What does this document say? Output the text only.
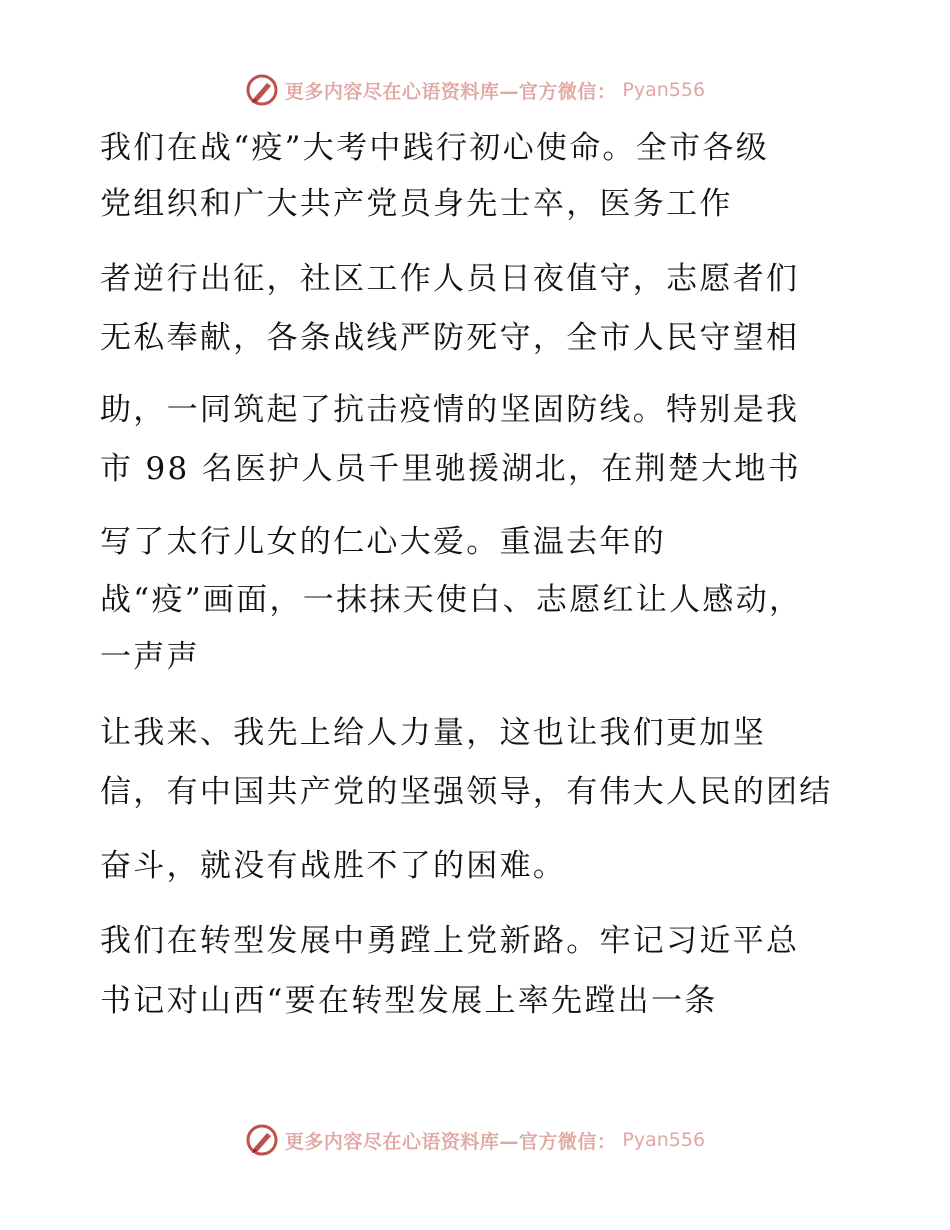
更多内容尽在心语资料库—官方微信： Pyan556
我们在战“疫”大考中践行初心使命。全市各级
党组织和广大共产党员身先士卒，医务工作
者逆行出征，社区工作人员日夜值守，志愿者们
无私奉献，各条战线严防死守，全市人民守望相
助，一同筑起了抗击疫情的坚固防线。特别是我
市 98 名医护人员千里驰援湖北，在荆楚大地书
写了太行儿女的仁心大爱。重温去年的
战“疫”画面，一抹抹天使白、志愿红让人感动，
一声声
让我来、我先上给人力量，这也让我们更加坚
信，有中国共产党的坚强领导，有伟大人民的团结
奋斗，就没有战胜不了的困难。
我们在转型发展中勇蹚上党新路。牢记习近平总
书记对山西“要在转型发展上率先蹚出一条
更多内容尽在心语资料库—官方微信： Pyan556
